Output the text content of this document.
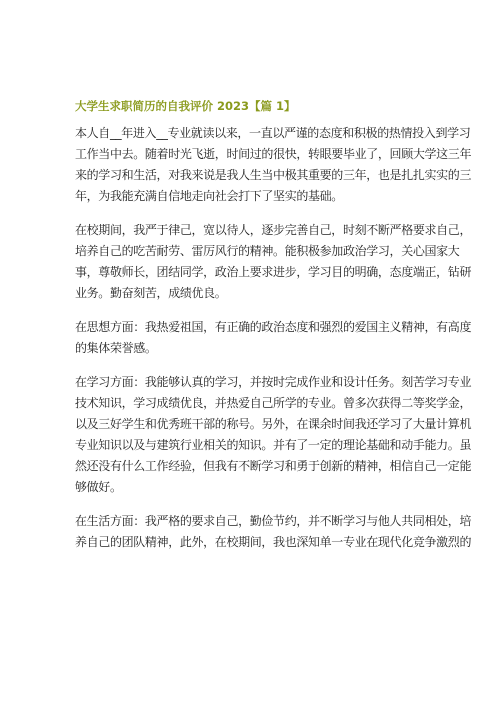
大学生求职简历的自我评价 2023【篇 1】
本人自__年进入__专业就读以来，一直以严谨的态度和积极的热情投入到学习
工作当中去。随着时光飞逝，时间过的很快，转眼要毕业了，回顾大学这三年
来的学习和生活，对我来说是我人生当中极其重要的三年，也是扎扎实实的三
年，为我能充满自信地走向社会打下了坚实的基础。
在校期间，我严于律己，宽以待人，逐步完善自己，时刻不断严格要求自己，
培养自己的吃苦耐劳、雷厉风行的精神。能积极参加政治学习，关心国家大
事，尊敬师长，团结同学，政治上要求进步，学习目的明确，态度端正，钻研
业务。勤奋刻苦，成绩优良。
在思想方面：我热爱祖国，有正确的政治态度和强烈的爱国主义精神，有高度
的集体荣誉感。
在学习方面：我能够认真的学习，并按时完成作业和设计任务。刻苦学习专业
技术知识，学习成绩优良，并热爱自己所学的专业。曾多次获得二等奖学金，
以及三好学生和优秀班干部的称号。另外，在课余时间我还学习了大量计算机
专业知识以及与建筑行业相关的知识。并有了一定的理论基础和动手能力。虽
然还没有什么工作经验，但我有不断学习和勇于创新的精神，相信自己一定能
够做好。
在生活方面：我严格的要求自己，勤俭节约，并不断学习与他人共同相处，培
养自己的团队精神，此外，在校期间，我也深知单一专业在现代化竞争激烈的
